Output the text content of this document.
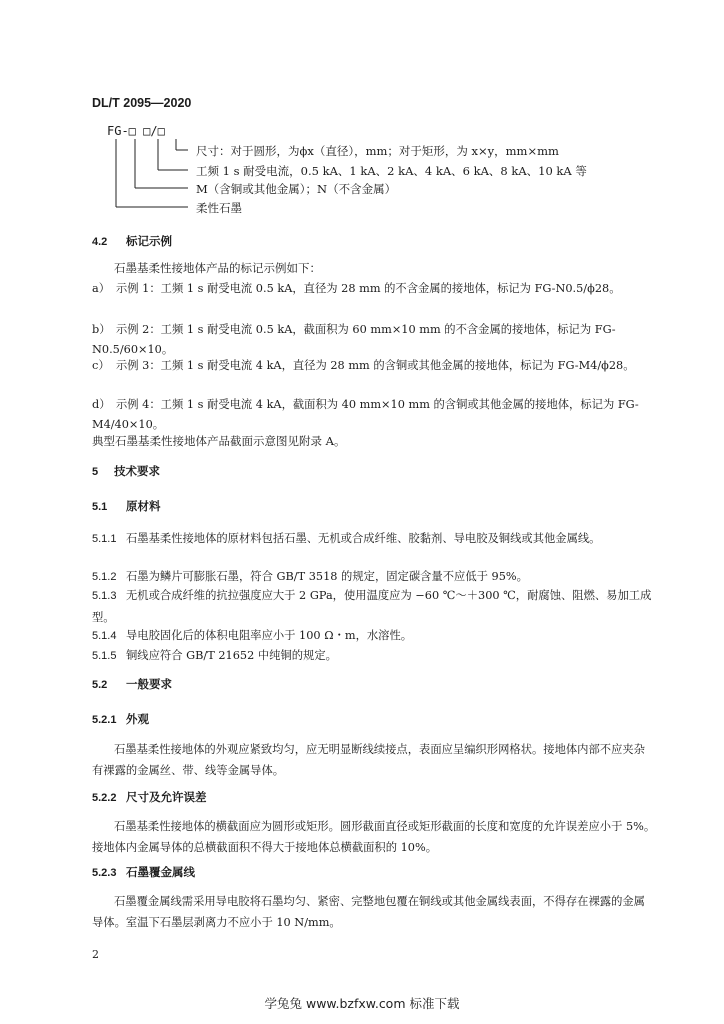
DL/T 2095—2020
FG-□ □/□
尺寸：对于圆形，为ϕx（直径），mm；对于矩形，为 x×y，mm×mm
工频 1 s 耐受电流，0.5 kA、1 kA、2 kA、4 kA、6 kA、8 kA、10 kA 等
M（含铜或其他金属）；N（不含金属）
柔性石墨
4.2 标记示例
石墨基柔性接地体产品的标记示例如下：
a） 示例 1：工频 1 s 耐受电流 0.5 kA，直径为 28 mm 的不含金属的接地体，标记为 FG-N0.5/ϕ28。
b） 示例 2：工频 1 s 耐受电流 0.5 kA，截面积为 60 mm×10 mm 的不含金属的接地体，标记为 FG-N0.5/60×10。
c） 示例 3：工频 1 s 耐受电流 4 kA，直径为 28 mm 的含铜或其他金属的接地体，标记为 FG-M4/ϕ28。
d） 示例 4：工频 1 s 耐受电流 4 kA，截面积为 40 mm×10 mm 的含铜或其他金属的接地体，标记为 FG-M4/40×10。
典型石墨基柔性接地体产品截面示意图见附录 A。
5 技术要求
5.1 原材料
5.1.1 石墨基柔性接地体的原材料包括石墨、无机或合成纤维、胶黏剂、导电胶及铜线或其他金属线。
5.1.2 石墨为鳞片可膨胀石墨，符合 GB/T 3518 的规定，固定碳含量不应低于 95%。
5.1.3 无机或合成纤维的抗拉强度应大于 2 GPa，使用温度应为 −60 ℃～＋300 ℃，耐腐蚀、阻燃、易加工成型。
5.1.4 导电胶固化后的体积电阻率应小于 100 Ω・m，水溶性。
5.1.5 铜线应符合 GB/T 21652 中纯铜的规定。
5.2 一般要求
5.2.1 外观
石墨基柔性接地体的外观应紧致均匀，应无明显断线续接点，表面应呈编织形网格状。接地体内部不应夹杂有裸露的金属丝、带、线等金属导体。
5.2.2 尺寸及允许误差
石墨基柔性接地体的横截面应为圆形或矩形。圆形截面直径或矩形截面的长度和宽度的允许误差应小于 5%。接地体内金属导体的总横截面积不得大于接地体总横截面积的 10%。
5.2.3 石墨覆金属线
石墨覆金属线需采用导电胶将石墨均匀、紧密、完整地包覆在铜线或其他金属线表面，不得存在裸露的金属导体。室温下石墨层剥离力不应小于 10 N/mm。
2
学兔兔 www.bzfxw.com 标准下载
